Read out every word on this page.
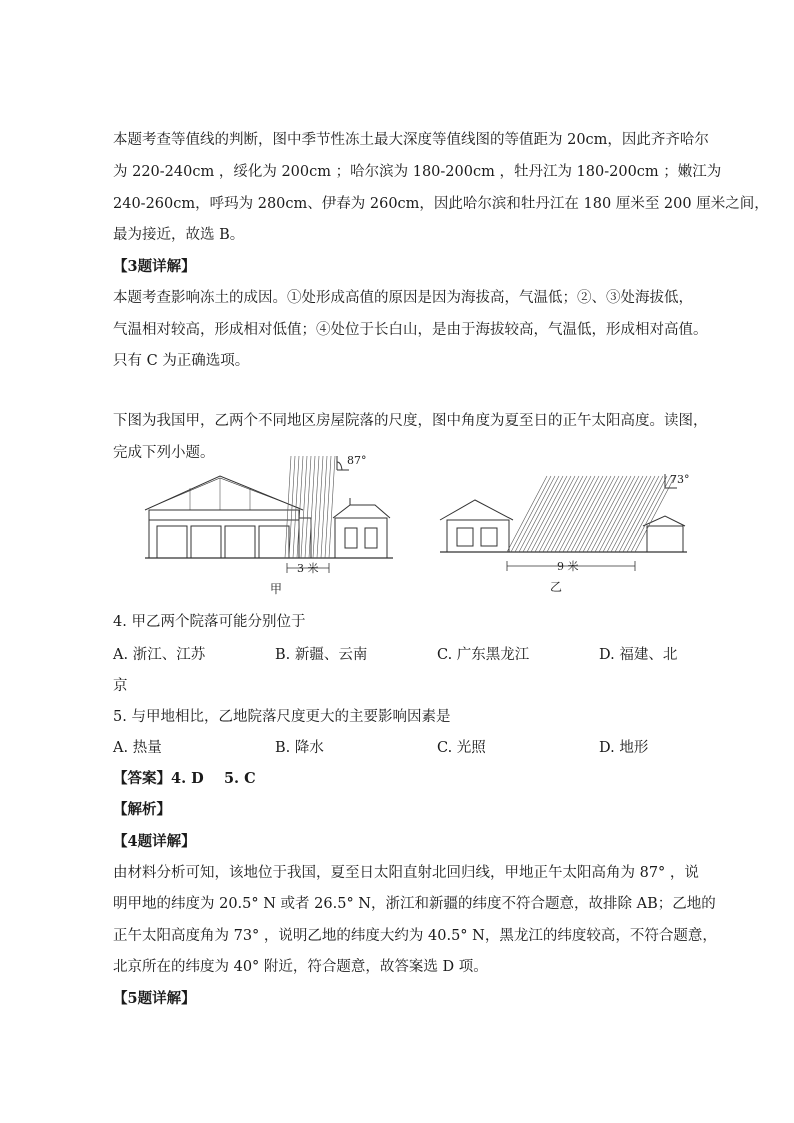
本题考查等值线的判断，图中季节性冻土最大深度等值线图的等值距为 20cm，因此齐齐哈尔
为 220-240cm ，绥化为 200cm ；哈尔滨为 180-200cm ，牡丹江为 180-200cm ；嫩江为
240-260cm，呼玛为 280cm、伊春为 260cm，因此哈尔滨和牡丹江在 180 厘米至 200 厘米之间，
最为接近，故选 B。
【3题详解】
本题考查影响冻土的成因。①处形成高值的原因是因为海拔高，气温低；②、③处海拔低，
气温相对较高，形成相对低值；④处位于长白山，是由于海拔较高，气温低，形成相对高值。
只有 C 为正确选项。
下图为我国甲，乙两个不同地区房屋院落的尺度，图中角度为夏至日的正午太阳高度。读图，
完成下列小题。	87°
3 米
甲
73°
9 米
乙
4. 甲乙两个院落可能分别位于
A. 浙江、江苏	B. 新疆、云南	C. 广东黑龙江	D. 福建、北
京
5. 与甲地相比，乙地院落尺度更大的主要影响因素是
A. 热量	B. 降水	C. 光照	D. 地形
【答案】4. D    5. C
【解析】
【4题详解】
由材料分析可知，该地位于我国，夏至日太阳直射北回归线，甲地正午太阳高角为 87° ，说
明甲地的纬度为 20.5° N 或者 26.5° N，浙江和新疆的纬度不符合题意，故排除 AB；乙地的
正午太阳高度角为 73° ，说明乙地的纬度大约为 40.5° N，黑龙江的纬度较高，不符合题意，
北京所在的纬度为 40° 附近，符合题意，故答案选 D 项。
【5题详解】
